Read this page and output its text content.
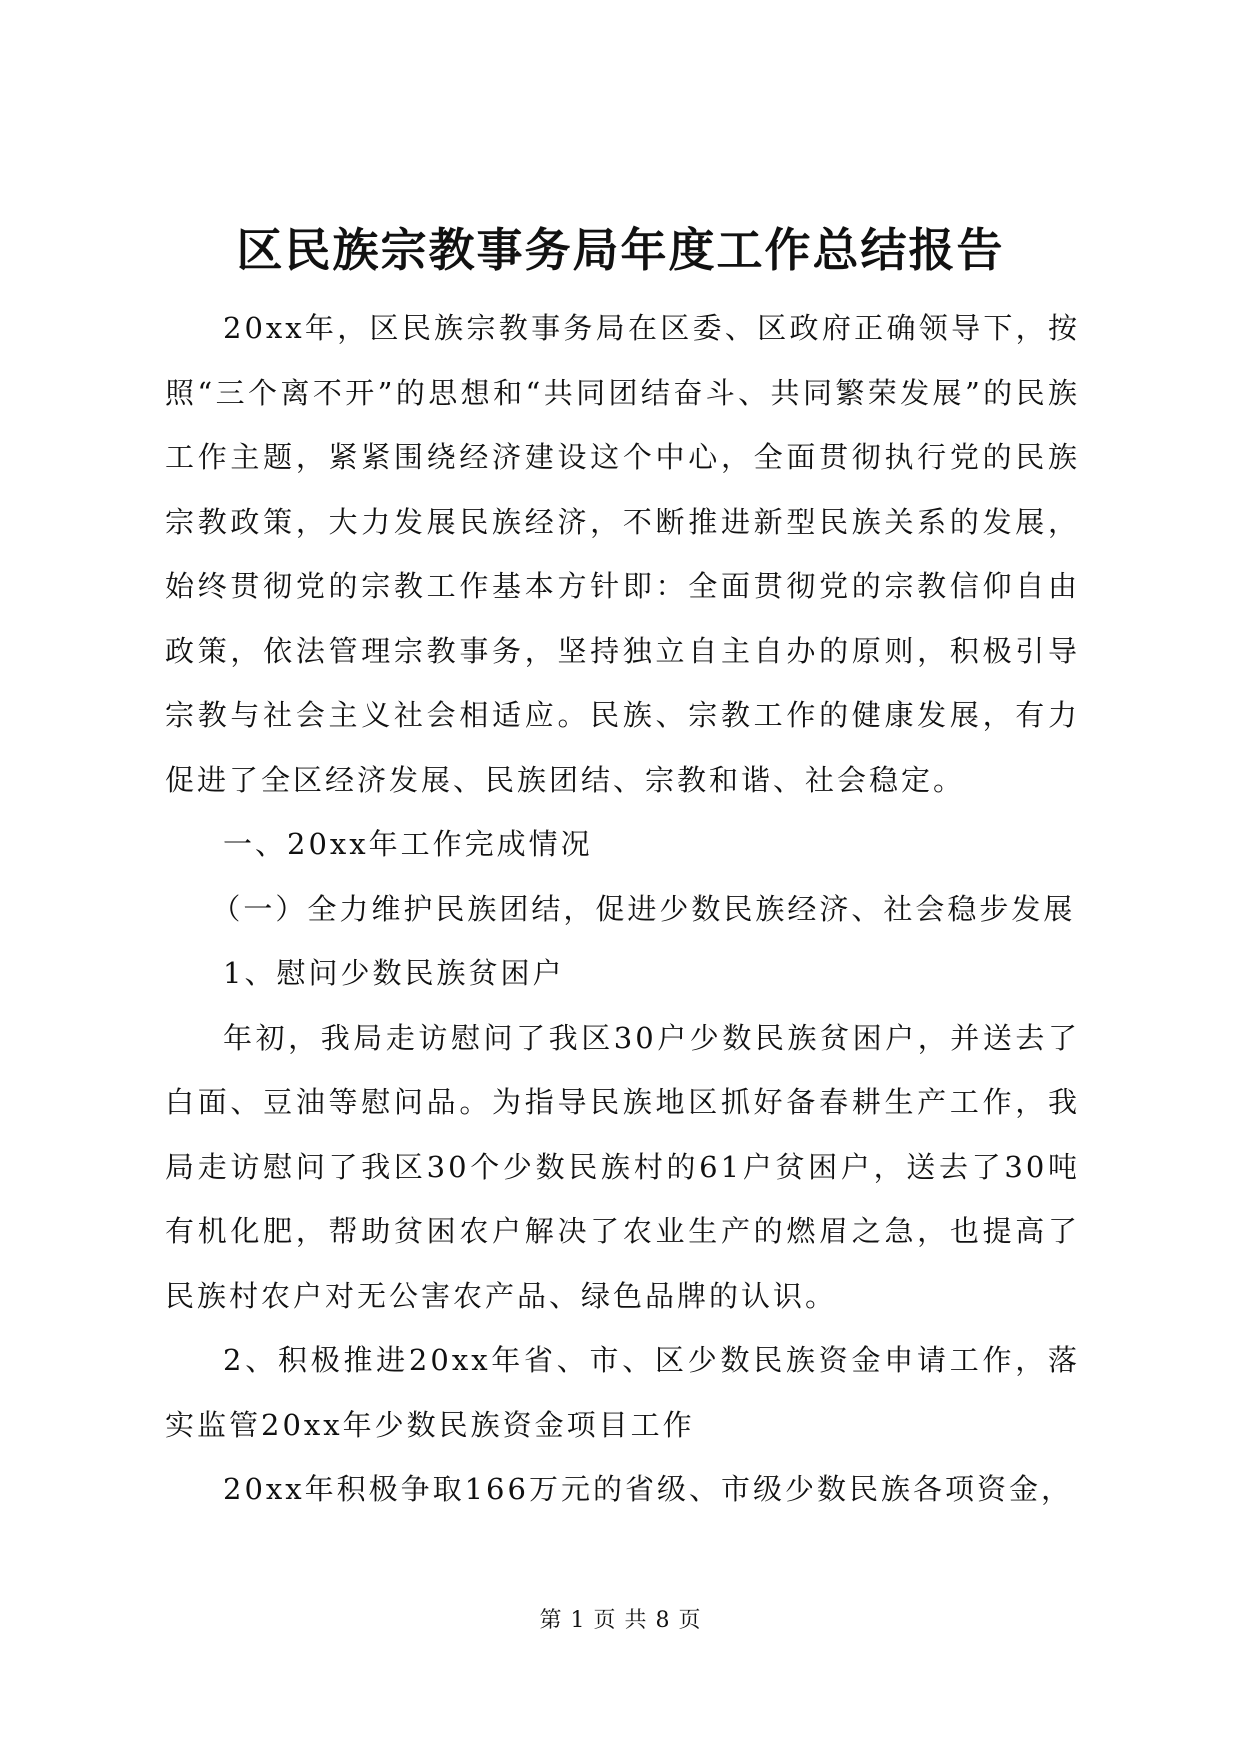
区民族宗教事务局年度工作总结报告

20xx年，区民族宗教事务局在区委、区政府正确领导下，按照“三个离不开”的思想和“共同团结奋斗、共同繁荣发展”的民族工作主题，紧紧围绕经济建设这个中心，全面贯彻执行党的民族宗教政策，大力发展民族经济，不断推进新型民族关系的发展，始终贯彻党的宗教工作基本方针即：全面贯彻党的宗教信仰自由政策，依法管理宗教事务，坚持独立自主自办的原则，积极引导宗教与社会主义社会相适应。民族、宗教工作的健康发展，有力促进了全区经济发展、民族团结、宗教和谐、社会稳定。

一、20xx年工作完成情况

（一）全力维护民族团结，促进少数民族经济、社会稳步发展

1、慰问少数民族贫困户

年初，我局走访慰问了我区30户少数民族贫困户，并送去了白面、豆油等慰问品。为指导民族地区抓好备春耕生产工作，我局走访慰问了我区30个少数民族村的61户贫困户，送去了30吨有机化肥，帮助贫困农户解决了农业生产的燃眉之急，也提高了民族村农户对无公害农产品、绿色品牌的认识。

2、积极推进20xx年省、市、区少数民族资金申请工作，落实监管20xx年少数民族资金项目工作

20xx年积极争取166万元的省级、市级少数民族各项资金，

第 1 页 共 8 页
